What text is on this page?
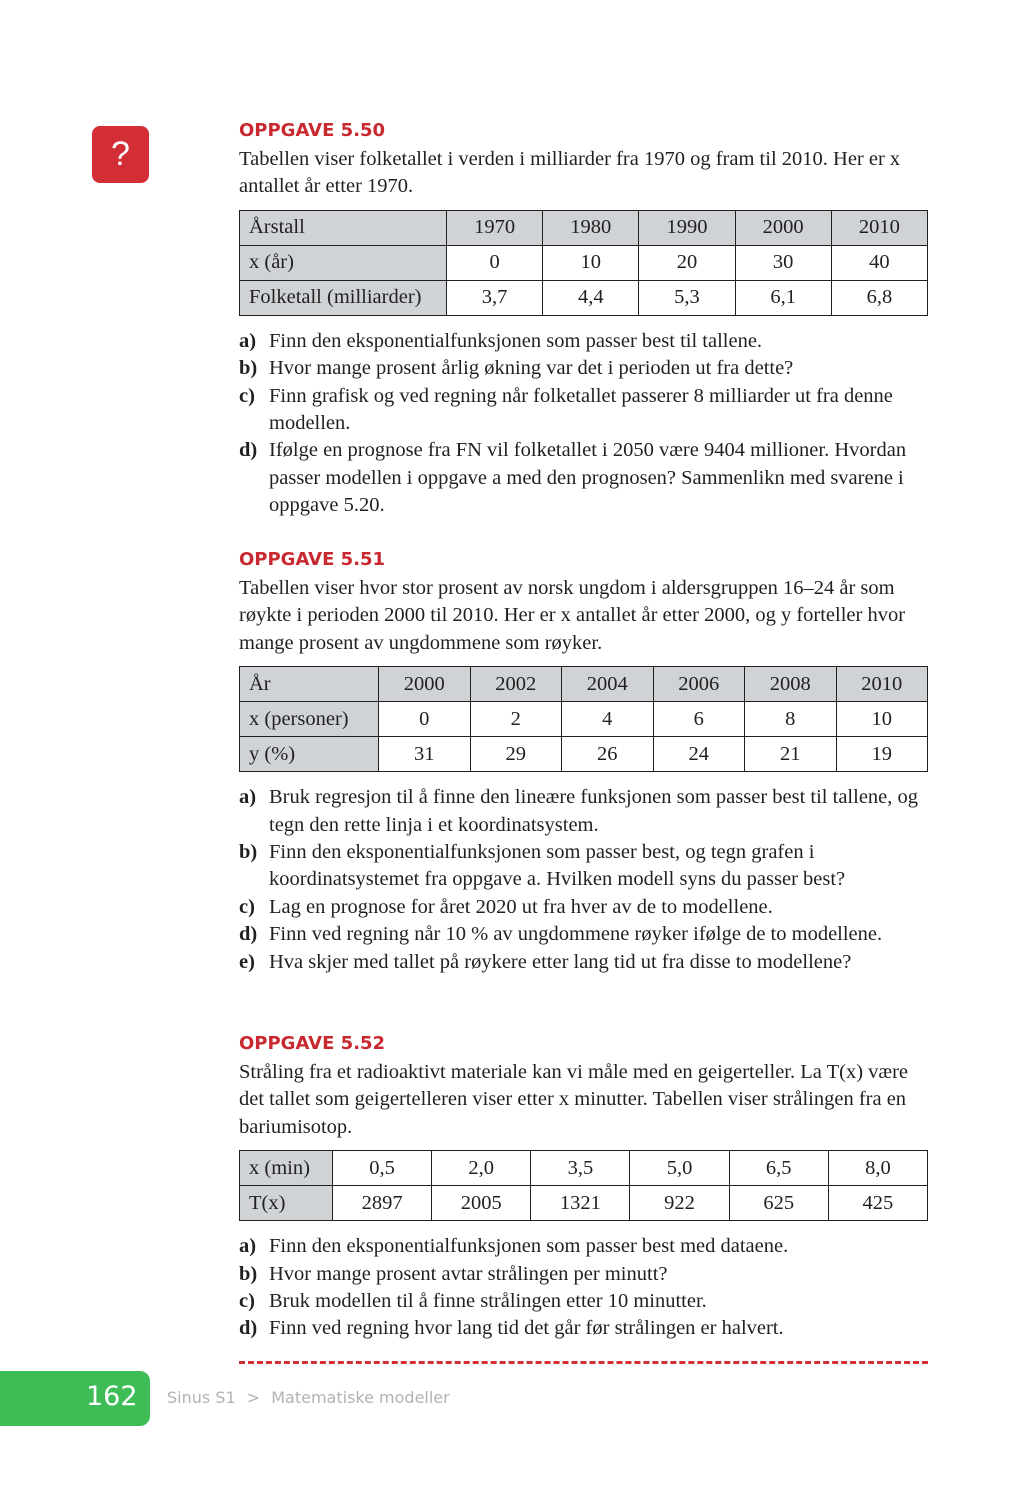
?
OPPGAVE 5.50

Tabellen viser folketallet i verden i milliarder fra 1970 og fram til 2010. Her er x antallet år etter 1970.

Årstall	1970	1980	1990	2000	2010
x (år)	0	10	20	30	40
Folketall (milliarder)	3,7	4,4	5,3	6,1	6,8
a) Finn den eksponentialfunksjonen som passer best til tallene.
b) Hvor mange prosent årlig økning var det i perioden ut fra dette?
c) Finn grafisk og ved regning når folketallet passerer 8 milliarder ut fra denne modellen.
d) Ifølge en prognose fra FN vil folketallet i 2050 være 9404 millioner. Hvordan passer modellen i oppgave a med den prognosen? Sammenlikn med svarene i oppgave 5.20.
OPPGAVE 5.51

Tabellen viser hvor stor prosent av norsk ungdom i aldersgruppen 16–24 år som røykte i perioden 2000 til 2010. Her er x antallet år etter 2000, og y forteller hvor mange prosent av ungdommene som røyker.

År	2000	2002	2004	2006	2008	2010
x (personer)	0	2	4	6	8	10
y (%)	31	29	26	24	21	19
a) Bruk regresjon til å finne den lineære funksjonen som passer best til tallene, og tegn den rette linja i et koordinatsystem.
b) Finn den eksponentialfunksjonen som passer best, og tegn grafen i koordinatsystemet fra oppgave a. Hvilken modell syns du passer best?
c) Lag en prognose for året 2020 ut fra hver av de to modellene.
d) Finn ved regning når 10 % av ungdommene røyker ifølge de to modellene.
e) Hva skjer med tallet på røykere etter lang tid ut fra disse to modellene?
OPPGAVE 5.52

Stråling fra et radioaktivt materiale kan vi måle med en geigerteller. La T(x) være det tallet som geigertelleren viser etter x minutter. Tabellen viser strålingen fra en bariumisotop.

x (min)	0,5	2,0	3,5	5,0	6,5	8,0
T(x)	2897	2005	1321	922	625	425
a) Finn den eksponentialfunksjonen som passer best med dataene.
b) Hvor mange prosent avtar strålingen per minutt?
c) Bruk modellen til å finne strålingen etter 10 minutter.
d) Finn ved regning hvor lang tid det går før strålingen er halvert.
162	Sinus S1 > Matematiske modeller
